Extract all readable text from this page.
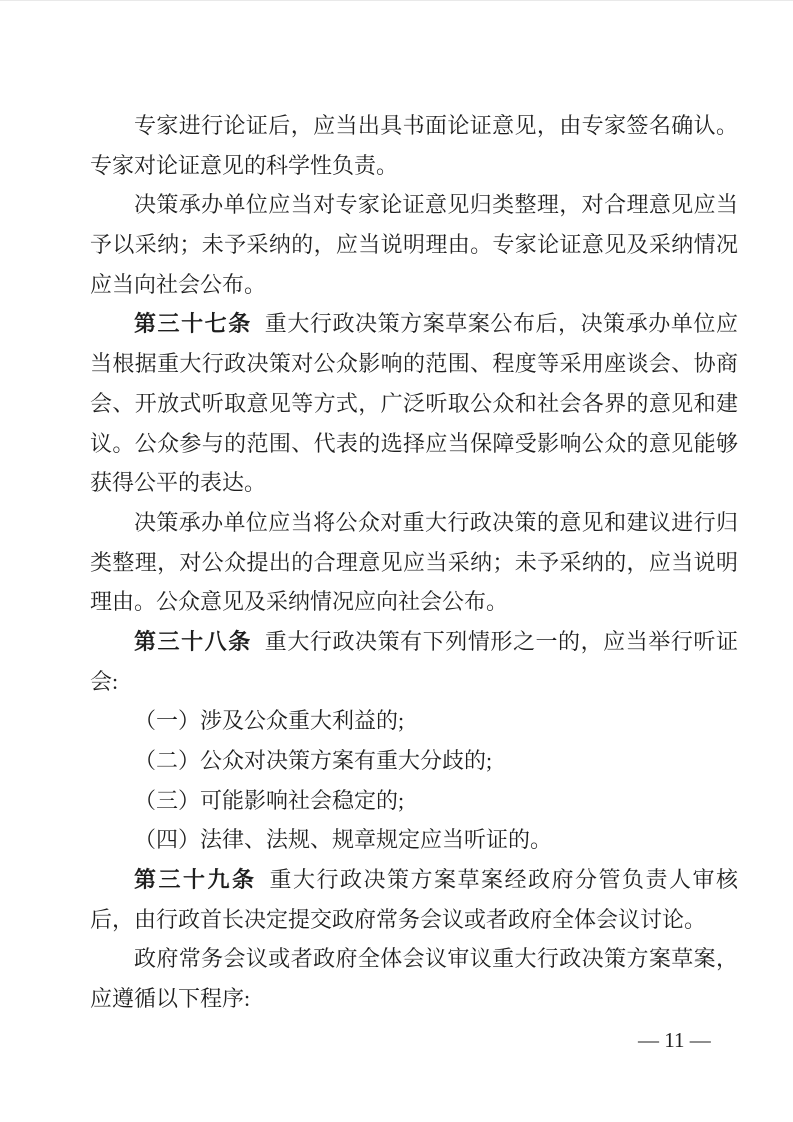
专家进行论证后，应当出具书面论证意见，由专家签名确认。
专家对论证意见的科学性负责。
决策承办单位应当对专家论证意见归类整理，对合理意见应当
予以采纳；未予采纳的，应当说明理由。专家论证意见及采纳情况
应当向社会公布。
第三十七条 重大行政决策方案草案公布后，决策承办单位应
当根据重大行政决策对公众影响的范围、程度等采用座谈会、协商
会、开放式听取意见等方式，广泛听取公众和社会各界的意见和建
议。公众参与的范围、代表的选择应当保障受影响公众的意见能够
获得公平的表达。
决策承办单位应当将公众对重大行政决策的意见和建议进行归
类整理，对公众提出的合理意见应当采纳；未予采纳的，应当说明
理由。公众意见及采纳情况应向社会公布。
第三十八条 重大行政决策有下列情形之一的，应当举行听证
会:
（一）涉及公众重大利益的;
（二）公众对决策方案有重大分歧的;
（三）可能影响社会稳定的;
（四）法律、法规、规章规定应当听证的。
第三十九条 重大行政决策方案草案经政府分管负责人审核
后，由行政首长决定提交政府常务会议或者政府全体会议讨论。
政府常务会议或者政府全体会议审议重大行政决策方案草案，
应遵循以下程序:
— 11 —
